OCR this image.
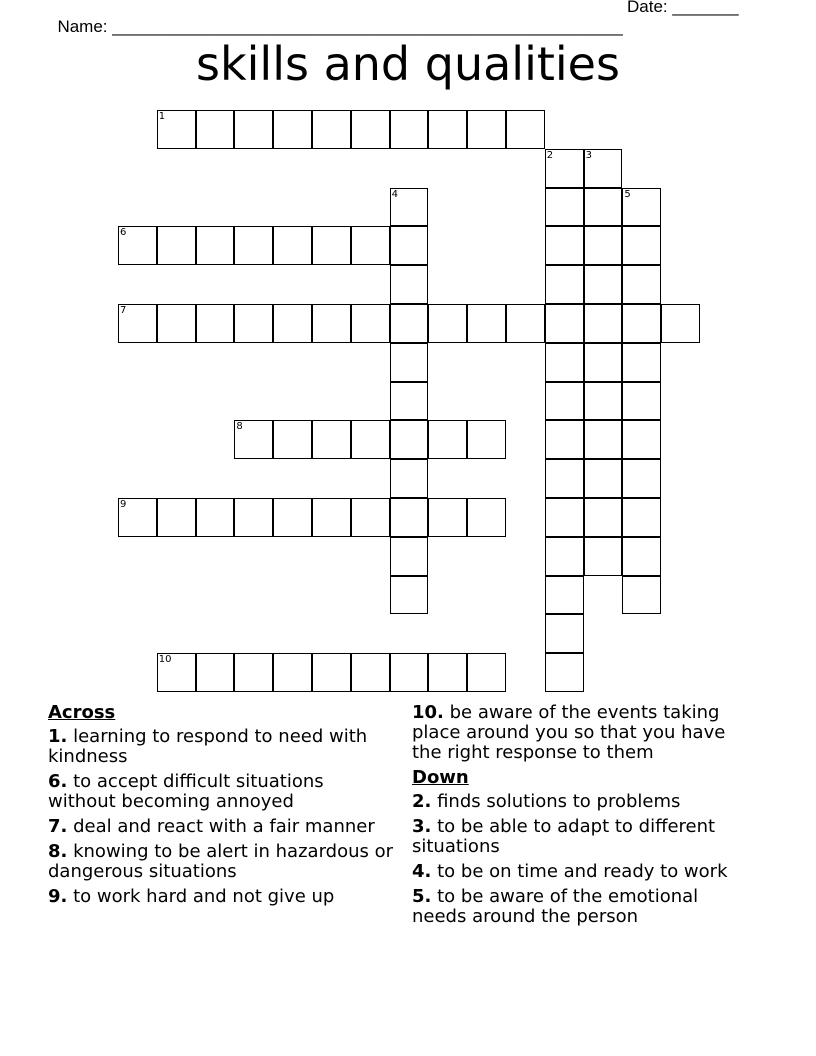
Name: ______________________________________________________

Date: _______

skills and qualities
1
2	3
4	5
6
7
8
9
10
Across
1. learning to respond to need with kindness
6. to accept difficult situations without becoming annoyed
7. deal and react with a fair manner
8. knowing to be alert in hazardous or dangerous situations
9. to work hard and not give up
10. be aware of the events taking place around you so that you have the right response to them
Down
2. finds solutions to problems
3. to be able to adapt to different situations
4. to be on time and ready to work
5. to be aware of the emotional needs around the person
